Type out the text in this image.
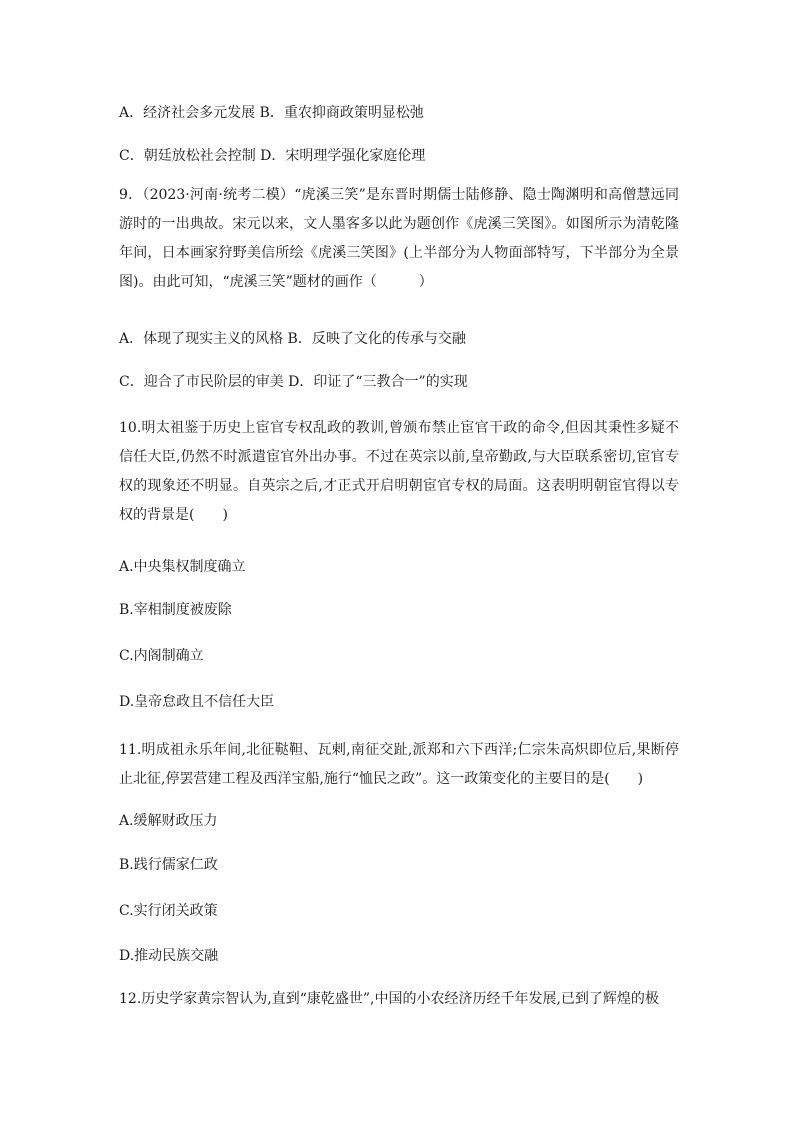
A．经济社会多元发展 B．重农抑商政策明显松弛

C．朝廷放松社会控制 D．宋明理学强化家庭伦理

9．（2023·河南·统考二模）“虎溪三笑”是东晋时期儒士陆修静、隐士陶渊明和高僧慧远同游时的一出典故。宋元以来，文人墨客多以此为题创作《虎溪三笑图》。如图所示为清乾隆年间，日本画家狩野美信所绘《虎溪三笑图》(上半部分为人物面部特写，下半部分为全景图)。由此可知，“虎溪三笑”题材的画作（　　　）

A．体现了现实主义的风格 B．反映了文化的传承与交融

C．迎合了市民阶层的审美 D．印证了“三教合一”的实现

10.明太祖鉴于历史上宦官专权乱政的教训,曾颁布禁止宦官干政的命令,但因其秉性多疑不信任大臣,仍然不时派遣宦官外出办事。不过在英宗以前,皇帝勤政,与大臣联系密切,宦官专权的现象还不明显。自英宗之后,才正式开启明朝宦官专权的局面。这表明明朝宦官得以专权的背景是(　　)

A.中央集权制度确立

B.宰相制度被废除

C.内阁制确立

D.皇帝怠政且不信任大臣

11.明成祖永乐年间,北征鞑靼、瓦剌,南征交趾,派郑和六下西洋;仁宗朱高炽即位后,果断停止北征,停罢营建工程及西洋宝船,施行“恤民之政”。这一政策变化的主要目的是(　　)

A.缓解财政压力

B.践行儒家仁政

C.实行闭关政策

D.推动民族交融

12.历史学家黄宗智认为,直到“康乾盛世”,中国的小农经济历经千年发展,已到了辉煌的极
